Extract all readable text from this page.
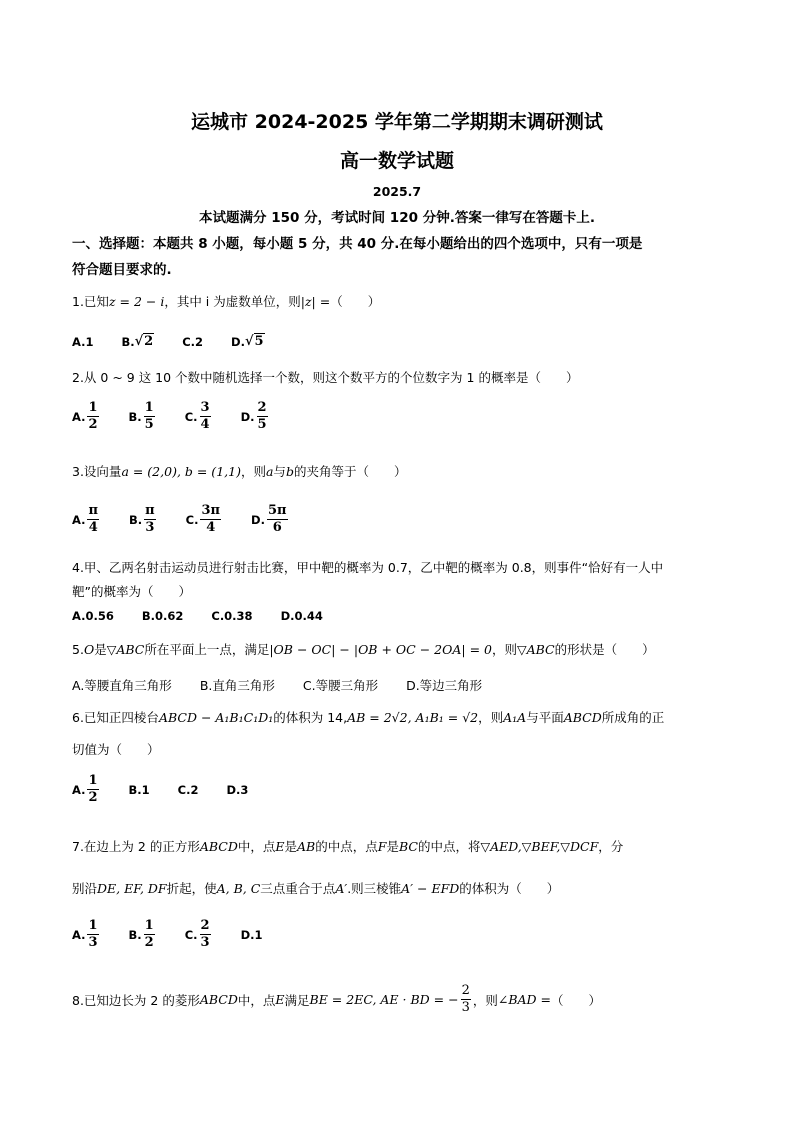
运城市 2024-2025 学年第二学期期末调研测试
高一数学试题
2025.7
本试题满分 150 分，考试时间 120 分钟.答案一律写在答题卡上.
一、选择题：本题共 8 小题，每小题 5 分，共 40 分.在每小题给出的四个选项中，只有一项是
符合题目要求的.
1.已知z = 2 − i，其中 i 为虚数单位，则|z| =（　　）
A.1 B. √2	C.2 D. √5
2.从 0 ~ 9 这 10 个数中随机选择一个数，则这个数平方的个位数字为 1 的概率是（　　）
A. $\frac{1}{2}$	B. $\frac{1}{5}$	C. $\frac{3}{4}$	D. $\frac{2}{5}$
3.设向量a = (2,0), b = (1,1)，则a与b的夹角等于（　　）
A. $\frac{\pi}{4}$	B. $\frac{\pi}{3}$	C. $\frac{3\pi}{4}$	D. $\frac{5\pi}{6}$
4.甲、乙两名射击运动员进行射击比赛，甲中靶的概率为 0.7，乙中靶的概率为 0.8，则事件“恰好有一人中
靶”的概率为（　　）
A.0.56 B.0.62 C.0.38 D.0.44
5.O是▽ABC所在平面上一点，满足|OB − OC| − |OB + OC − 2OA| = 0，则▽ABC的形状是（　　）
A.等腰直角三角形 B.直角三角形 C.等腰三角形 D.等边三角形
6.已知正四棱台ABCD − A₁B₁C₁D₁的体积为 14,AB = 2√2, A₁B₁ = √2，则A₁A与平面ABCD所成角的正
切值为（　　）
A. $\frac{1}{2}$	B.1 C.2 D.3
7.在边上为 2 的正方形ABCD中，点E是AB的中点，点F是BC的中点，将▽AED,▽BEF,▽DCF，分
别沿DE, EF, DF折起，使A, B, C三点重合于点A′.则三棱锥A′ − EFD的体积为（　　）
A. $\frac{1}{3}$	B. $\frac{1}{2}$	C. $\frac{2}{3}$	D.1
8.已知边长为 2 的菱形 ABCD 中，点 E 满足 BE = 2EC, AE · BD = − $\frac{2}{3}$ ，则 ∠BAD = （　　）
